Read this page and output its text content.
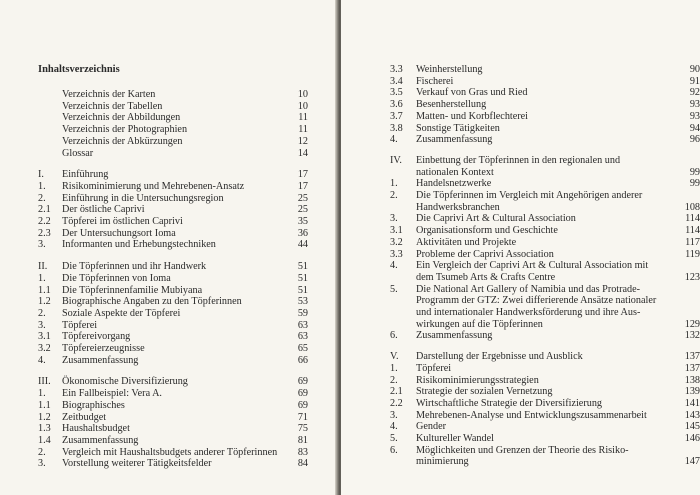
Inhaltsverzeichnis
Verzeichnis der Karten	10
Verzeichnis der Tabellen	10
Verzeichnis der Abbildungen	11
Verzeichnis der Photographien	11
Verzeichnis der Abkürzungen	12
Glossar	14
I. Einführung	17
1. Risikominimierung und Mehrebenen-Ansatz	17
2. Einführung in die Untersuchungsregion	25
2.1 Der östliche Caprivi	25
2.2 Töpferei im östlichen Caprivi	35
2.3 Der Untersuchungsort Ioma	36
3. Informanten und Erhebungstechniken	44
II. Die Töpferinnen und ihr Handwerk	51
1. Die Töpferinnen von Ioma	51
1.1 Die Töpferinnenfamilie Mubiyana	51
1.2 Biographische Angaben zu den Töpferinnen	53
2. Soziale Aspekte der Töpferei	59
3. Töpferei	63
3.1 Töpfereivorgang	63
3.2 Töpfereierzeugnisse	65
4. Zusammenfassung	66
III. Ökonomische Diversifizierung	69
1. Ein Fallbeispiel: Vera A.	69
1.1 Biographisches	69
1.2 Zeitbudget	71
1.3 Haushaltsbudget	75
1.4 Zusammenfassung	81
2. Vergleich mit Haushaltsbudgets anderer Töpferinnen	83
3. Vorstellung weiterer Tätigkeitsfelder	84
3.3 Weinherstellung	90
3.4 Fischerei	91
3.5 Verkauf von Gras und Ried	92
3.6 Besenherstellung	93
3.7 Matten- und Korbflechterei	93
3.8 Sonstige Tätigkeiten	94
4. Zusammenfassung	96
IV. Einbettung der Töpferinnen in den regionalen und
nationalen Kontext	99
1. Handelsnetzwerke	99
2. Die Töpferinnen im Vergleich mit Angehörigen anderer
Handwerksbranchen	108
3. Die Caprivi Art & Cultural Association	114
3.1 Organisationsform und Geschichte	114
3.2 Aktivitäten und Projekte	117
3.3 Probleme der Caprivi Association	119
4. Ein Vergleich der Caprivi Art & Cultural Association mit
dem Tsumeb Arts & Crafts Centre	123
5. Die National Art Gallery of Namibia und das Protrade-
Programm der GTZ: Zwei differierende Ansätze nationaler
und internationaler Handwerksförderung und ihre Aus-
wirkungen auf die Töpferinnen	129
6. Zusammenfassung	132
V. Darstellung der Ergebnisse und Ausblick	137
1. Töpferei	137
2. Risikominimierungsstrategien	138
2.1 Strategie der sozialen Vernetzung	139
2.2 Wirtschaftliche Strategie der Diversifizierung	141
3. Mehrebenen-Analyse und Entwicklungszusammenarbeit	143
4. Gender	145
5. Kultureller Wandel	146
6. Möglichkeiten und Grenzen der Theorie des Risiko-
minimierung	147
